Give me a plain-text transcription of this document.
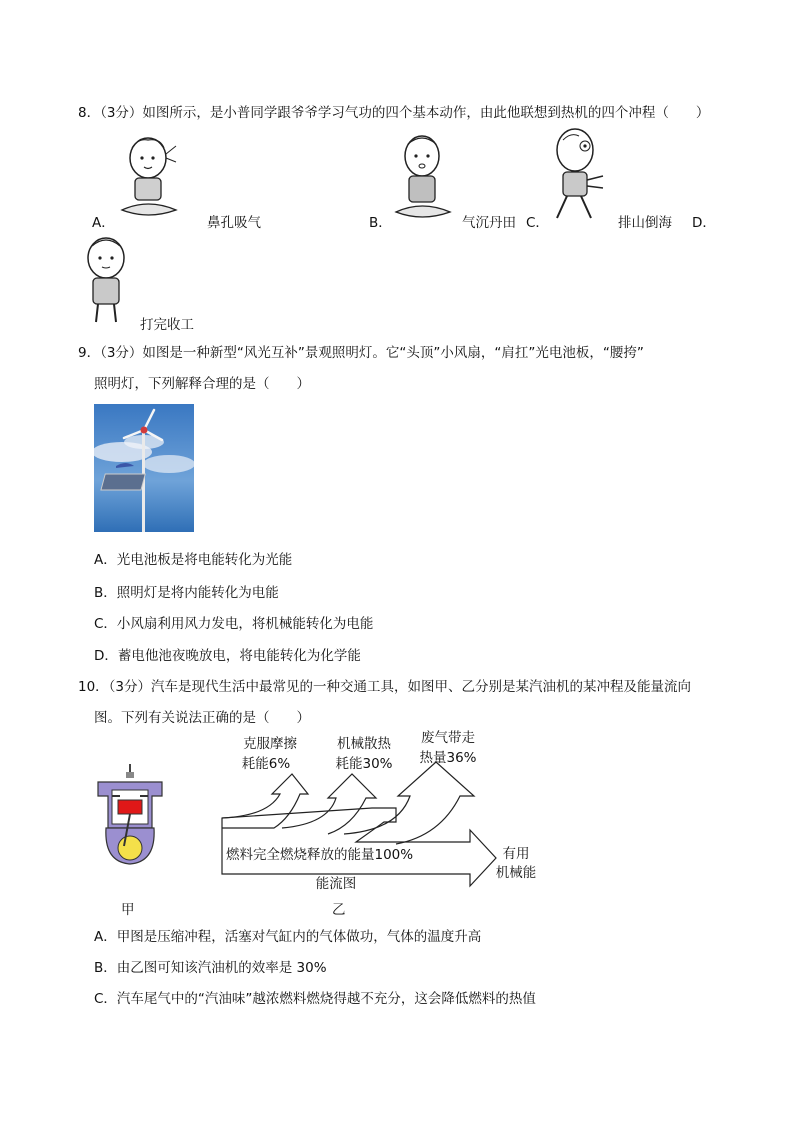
8．（3分）如图所示，是小普同学跟爷爷学习气功的四个基本动作，由此他联想到热机的四个冲程（　　）
A．	鼻孔吸气	B．	气沉丹田 C．	排山倒海 D．
打完收工
9．（3分）如图是一种新型“风光互补”景观照明灯。它“头顶”小风扇，“肩扛”光电池板，“腰挎”
照明灯，下列解释合理的是（　　）
A．光电池板是将电能转化为光能
B．照明灯是将内能转化为电能
C．小风扇利用风力发电，将机械能转化为电能
D．蓄电他池夜晚放电，将电能转化为化学能
10．（3分）汽车是现代生活中最常见的一种交通工具，如图甲、乙分别是某汽油机的某冲程及能量流向
图。下列有关说法正确的是（　　）
甲
克服摩擦
耗能6%
机械散热
耗能30%
废气带走
热量36%
燃料完全燃烧释放的能量100%	有用
机械能
能流图
乙
A．甲图是压缩冲程，活塞对气缸内的气体做功，气体的温度升高
B．由乙图可知该汽油机的效率是 30%
C．汽车尾气中的“汽油味”越浓燃料燃烧得越不充分，这会降低燃料的热值
